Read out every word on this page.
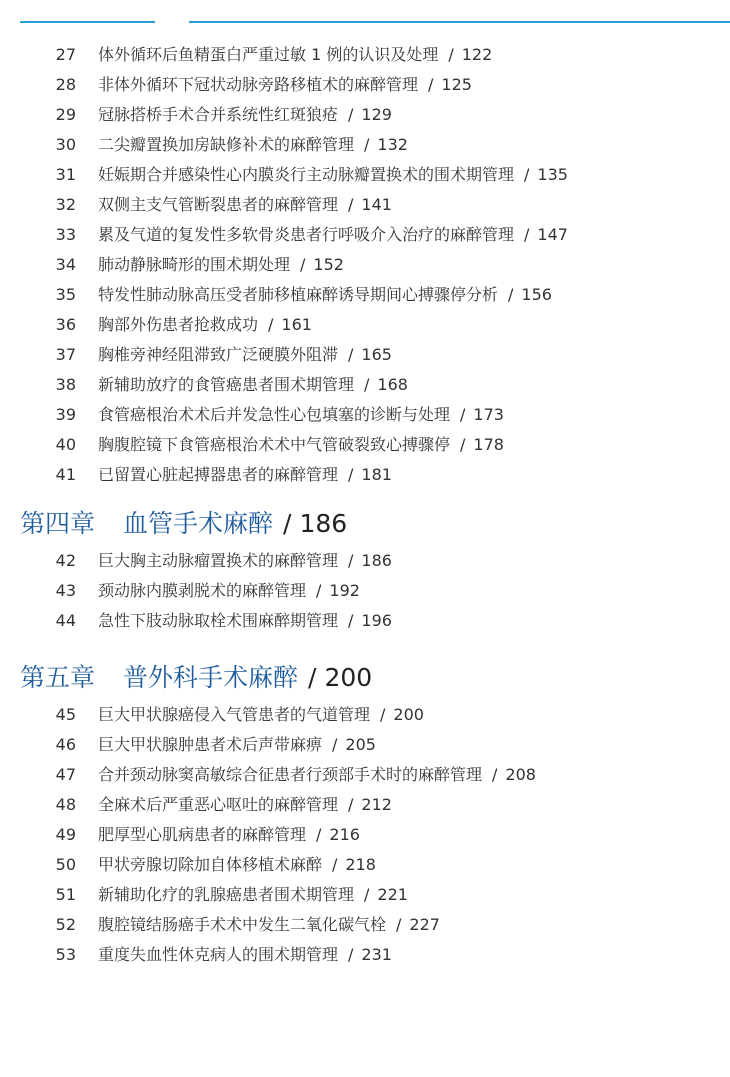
27 体外循环后鱼精蛋白严重过敏 1 例的认识及处理 / 122
28 非体外循环下冠状动脉旁路移植术的麻醉管理 / 125
29 冠脉搭桥手术合并系统性红斑狼疮 / 129
30 二尖瓣置换加房缺修补术的麻醉管理 / 132
31 妊娠期合并感染性心内膜炎行主动脉瓣置换术的围术期管理 / 135
32 双侧主支气管断裂患者的麻醉管理 / 141
33 累及气道的复发性多软骨炎患者行呼吸介入治疗的麻醉管理 / 147
34 肺动静脉畸形的围术期处理 / 152
35 特发性肺动脉高压受者肺移植麻醉诱导期间心搏骤停分析 / 156
36 胸部外伤患者抢救成功 / 161
37 胸椎旁神经阻滞致广泛硬膜外阻滞 / 165
38 新辅助放疗的食管癌患者围术期管理 / 168
39 食管癌根治术术后并发急性心包填塞的诊断与处理 / 173
40 胸腹腔镜下食管癌根治术术中气管破裂致心搏骤停 / 178
41 已留置心脏起搏器患者的麻醉管理 / 181
第四章 血管手术麻醉 / 186
42 巨大胸主动脉瘤置换术的麻醉管理 / 186
43 颈动脉内膜剥脱术的麻醉管理 / 192
44 急性下肢动脉取栓术围麻醉期管理 / 196
第五章 普外科手术麻醉 / 200
45 巨大甲状腺癌侵入气管患者的气道管理 / 200
46 巨大甲状腺肿患者术后声带麻痹 / 205
47 合并颈动脉窦高敏综合征患者行颈部手术时的麻醉管理 / 208
48 全麻术后严重恶心呕吐的麻醉管理 / 212
49 肥厚型心肌病患者的麻醉管理 / 216
50 甲状旁腺切除加自体移植术麻醉 / 218
51 新辅助化疗的乳腺癌患者围术期管理 / 221
52 腹腔镜结肠癌手术术中发生二氧化碳气栓 / 227
53 重度失血性休克病人的围术期管理 / 231
